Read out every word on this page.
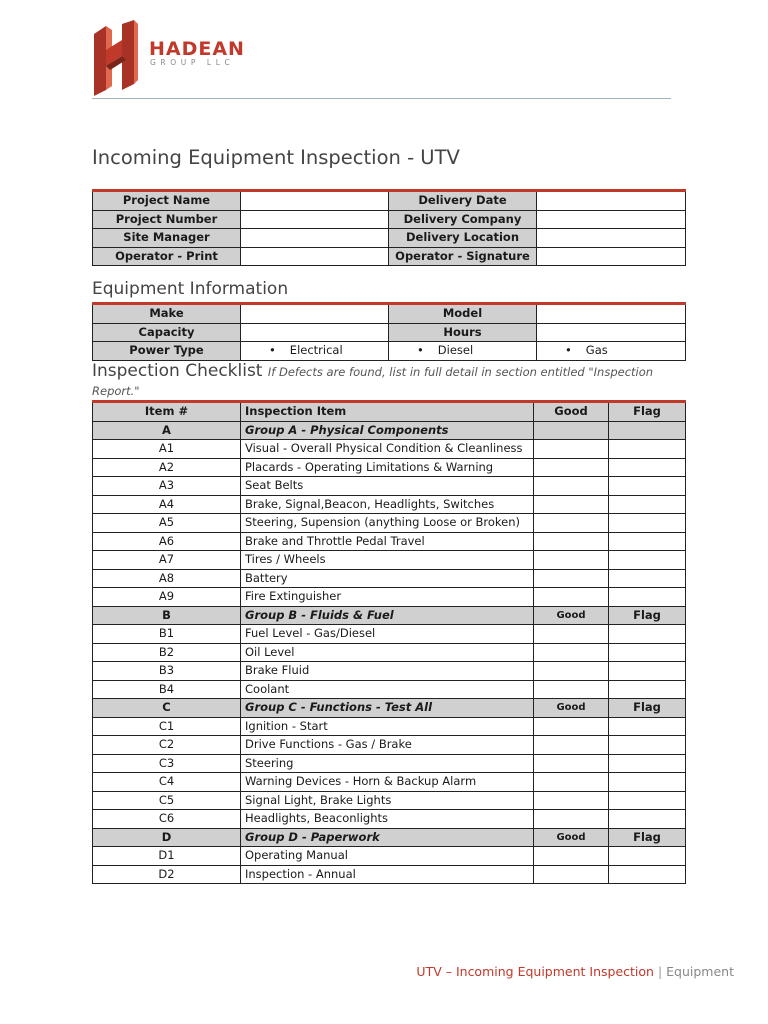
HADEAN
GROUP LLC
Incoming Equipment Inspection - UTV
Project Name		Delivery Date	
Project Number		Delivery Company	
Site Manager		Delivery Location	
Operator - Print		Operator - Signature	
Equipment Information
Make		Model	
Capacity		Hours	
Power Type	• Electrical	• Diesel	• Gas
Inspection Checklist If Defects are found, list in full detail in section entitled "Inspection Report."
Item #	Inspection Item	Good	Flag
A	Group A - Physical Components		
A1	Visual - Overall Physical Condition & Cleanliness		
A2	Placards - Operating Limitations & Warning		
A3	Seat Belts		
A4	Brake, Signal,Beacon, Headlights, Switches		
A5	Steering, Supension (anything Loose or Broken)		
A6	Brake and Throttle Pedal Travel		
A7	Tires / Wheels		
A8	Battery		
A9	Fire Extinguisher		
B	Group B - Fluids & Fuel	Good	Flag
B1	Fuel Level - Gas/Diesel		
B2	Oil Level		
B3	Brake Fluid		
B4	Coolant		
C	Group C - Functions - Test All	Good	Flag
C1	Ignition - Start		
C2	Drive Functions - Gas / Brake		
C3	Steering		
C4	Warning Devices - Horn & Backup Alarm		
C5	Signal Light, Brake Lights		
C6	Headlights, Beaconlights		
D	Group D - Paperwork	Good	Flag
D1	Operating Manual		
D2	Inspection - Annual		
UTV – Incoming Equipment Inspection | Equipment
